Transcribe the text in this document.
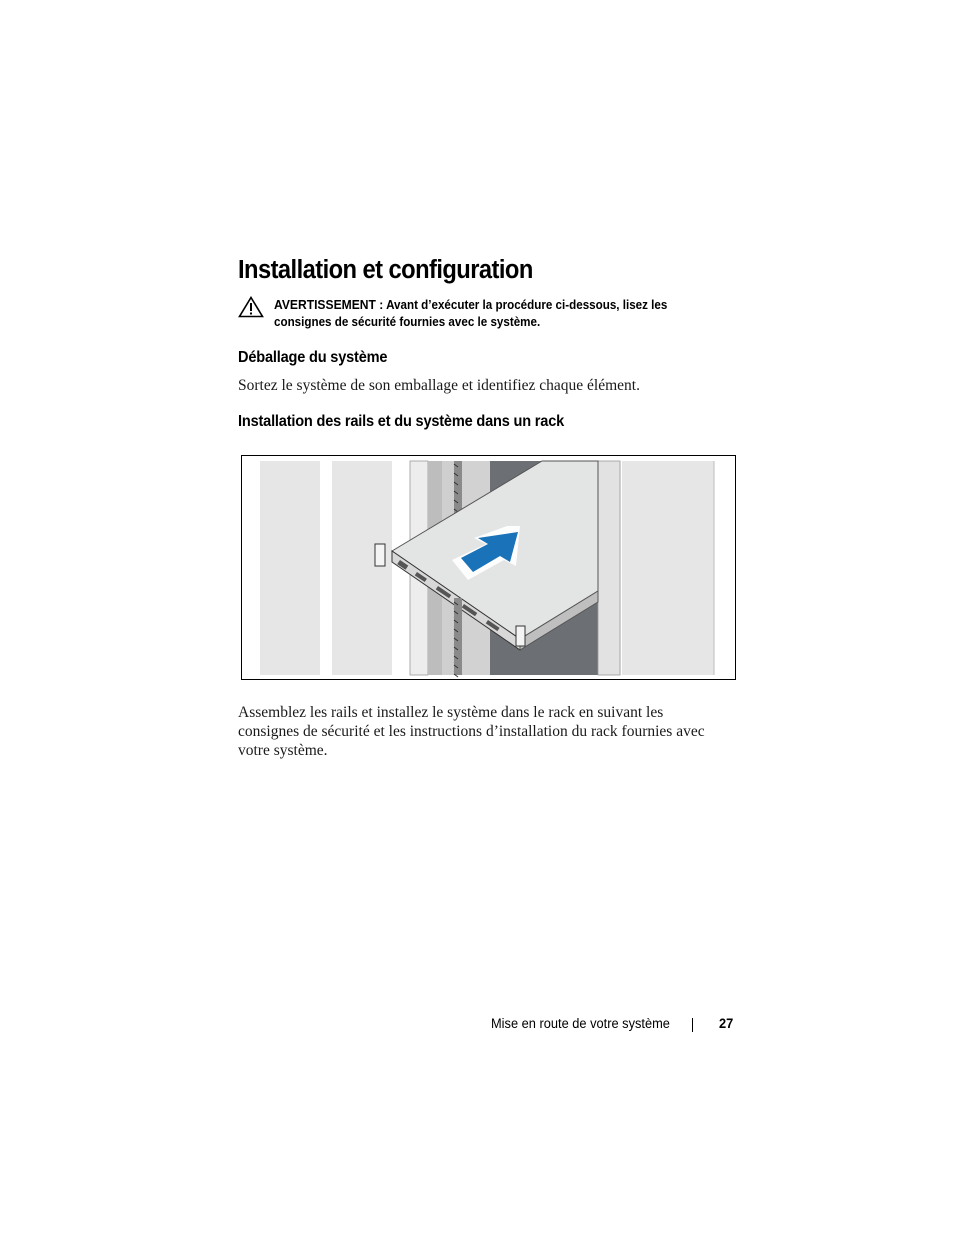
Installation et configuration
AVERTISSEMENT : Avant d’exécuter la procédure ci-dessous, lisez les consignes de sécurité fournies avec le système.
Déballage du système

Sortez le système de son emballage et identifiez chaque élément.

Installation des rails et du système dans un rack

Assemblez les rails et installez le système dans le rack en suivant les consignes de sécurité et les instructions d’installation du rack fournies avec votre système.

Mise en route de votre système	27
